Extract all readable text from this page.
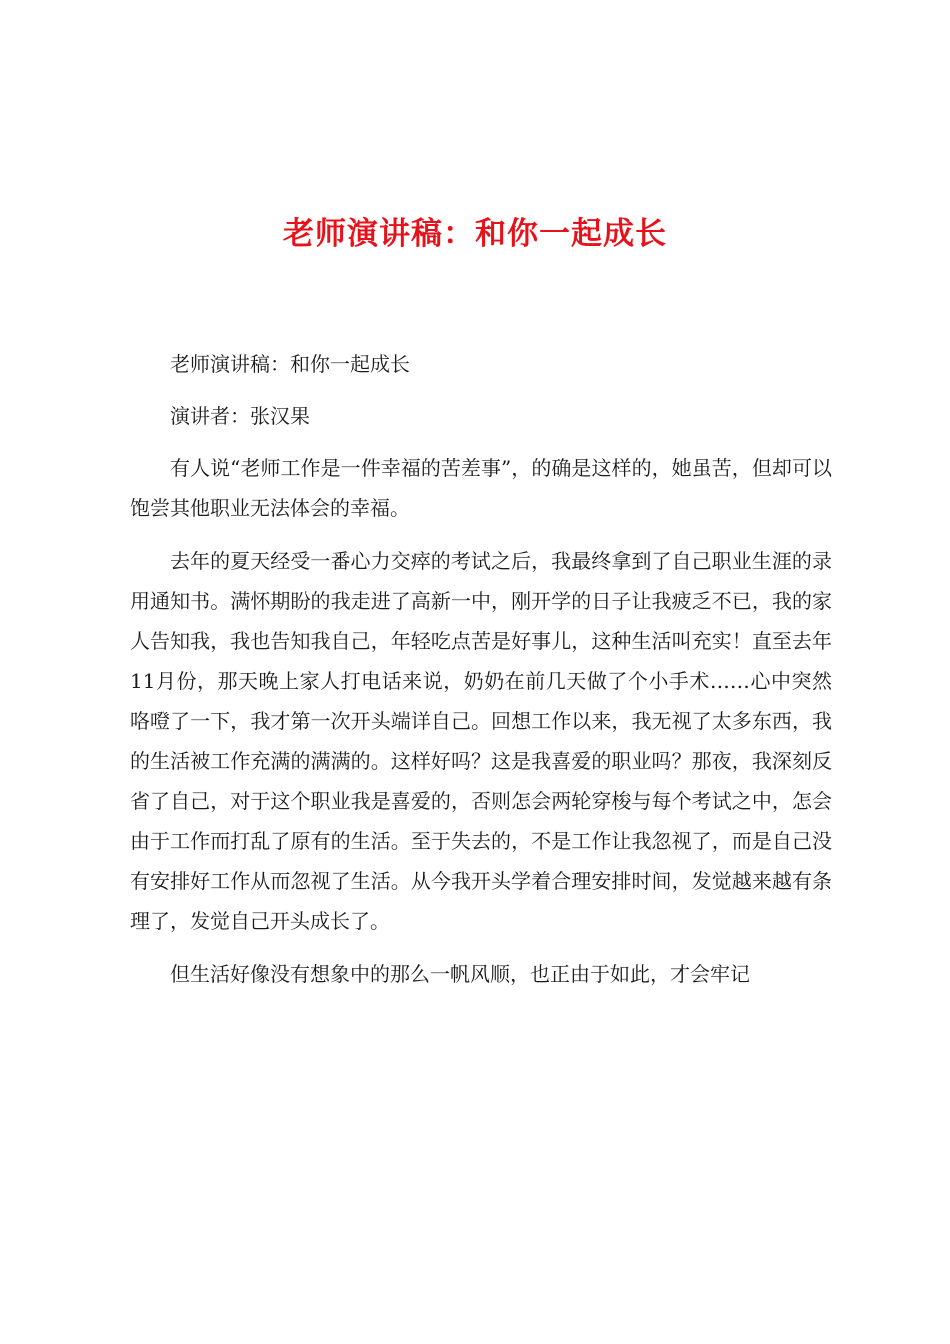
老师演讲稿：和你一起成长

老师演讲稿：和你一起成长

演讲者：张汉果

有人说“老师工作是一件幸福的苦差事”，的确是这样的，她虽苦，但却可以饱尝其他职业无法体会的幸福。

去年的夏天经受一番心力交瘁的考试之后，我最终拿到了自己职业生涯的录用通知书。满怀期盼的我走进了高新一中，刚开学的日子让我疲乏不已，我的家人告知我，我也告知我自己，年轻吃点苦是好事儿，这种生活叫充实！直至去年11月份，那天晚上家人打电话来说，奶奶在前几天做了个小手术……心中突然咯噔了一下，我才第一次开头端详自己。回想工作以来，我无视了太多东西，我的生活被工作充满的满满的。这样好吗？这是我喜爱的职业吗？那夜，我深刻反省了自己，对于这个职业我是喜爱的，否则怎会两轮穿梭与每个考试之中，怎会由于工作而打乱了原有的生活。至于失去的，不是工作让我忽视了，而是自己没有安排好工作从而忽视了生活。从今我开头学着合理安排时间，发觉越来越有条理了，发觉自己开头成长了。

但生活好像没有想象中的那么一帆风顺，也正由于如此，才会牢记
